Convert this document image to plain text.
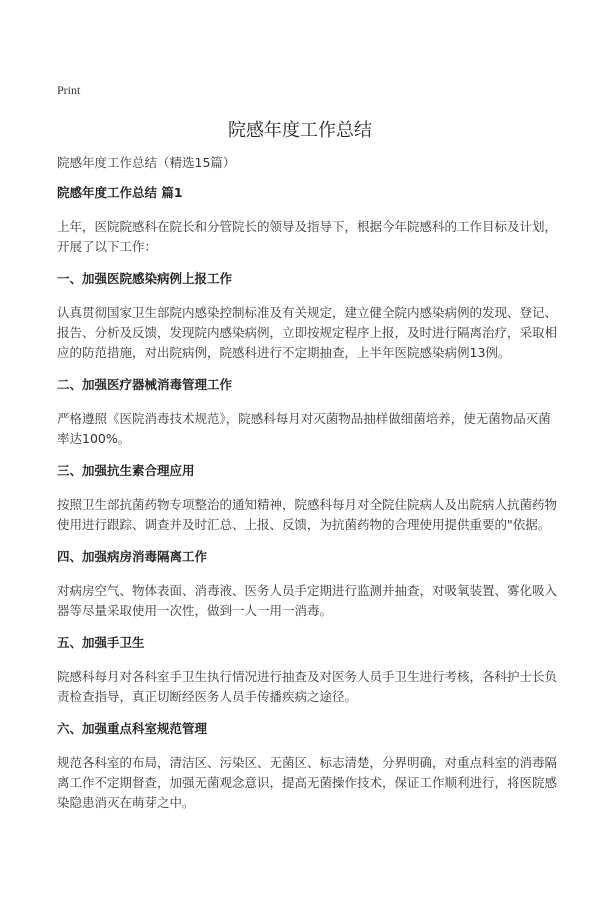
Print
院感年度工作总结
院感年度工作总结（精选15篇）
院感年度工作总结 篇1
上年，医院院感科在院长和分管院长的领导及指导下，根据今年院感科的工作目标及计划，开展了以下工作：
一、加强医院感染病例上报工作
认真贯彻国家卫生部院内感染控制标准及有关规定，建立健全院内感染病例的发现、登记、报告、分析及反馈，发现院内感染病例，立即按规定程序上报，及时进行隔离治疗，采取相应的防范措施，对出院病例，院感科进行不定期抽查，上半年医院感染病例13例。
二、加强医疗器械消毒管理工作
严格遵照《医院消毒技术规范》，院感科每月对灭菌物品抽样做细菌培养，使无菌物品灭菌率达100%。
三、加强抗生素合理应用
按照卫生部抗菌药物专项整治的通知精神，院感科每月对全院住院病人及出院病人抗菌药物使用进行跟踪、调查并及时汇总、上报、反馈，为抗菌药物的合理使用提供重要的"依据。
四、加强病房消毒隔离工作
对病房空气、物体表面、消毒液、医务人员手定期进行监测并抽查，对吸氧装置、雾化吸入器等尽量采取使用一次性，做到一人一用一消毒。
五、加强手卫生
院感科每月对各科室手卫生执行情况进行抽查及对医务人员手卫生进行考核，各科护士长负责检查指导，真正切断经医务人员手传播疾病之途径。
六、加强重点科室规范管理
规范各科室的布局，清洁区、污染区、无菌区、标志清楚，分界明确，对重点科室的消毒隔离工作不定期督查，加强无菌观念意识，提高无菌操作技术，保证工作顺利进行，将医院感染隐患消灭在萌芽之中。
